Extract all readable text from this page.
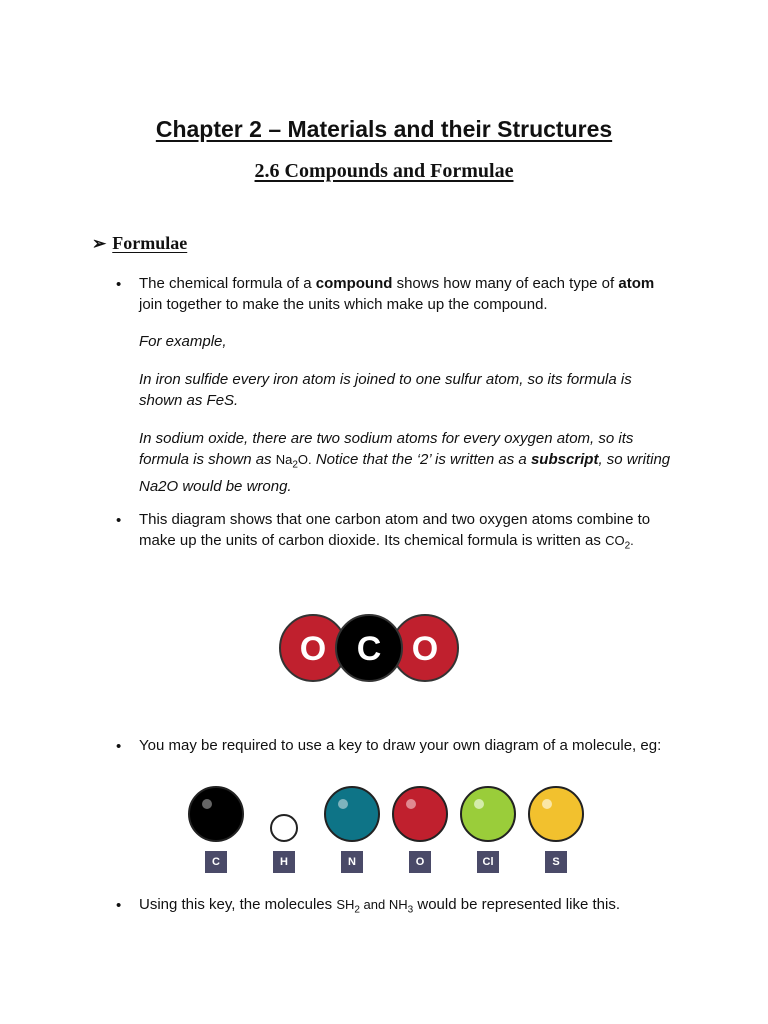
Chapter 2 – Materials and their Structures
2.6 Compounds and Formulae
➢ Formulae
• The chemical formula of a compound shows how many of each type of atom join together to make the units which make up the compound.
For example,
In iron sulfide every iron atom is joined to one sulfur atom, so its formula is shown as FeS.
In sodium oxide, there are two sodium atoms for every oxygen atom, so its formula is shown as $Na_2O$. Notice that the ‘2’ is written as a subscript, so writing Na2O would be wrong.
• This diagram shows that one carbon atom and two oxygen atoms combine to make up the units of carbon dioxide. Its chemical formula is written as $CO_2$.
O C O
• You may be required to use a key to draw your own diagram of a molecule, eg:
C	H	N	O	Cl	S
• Using this key, the molecules $SH_2$ and $NH_3$ would be represented like this.
